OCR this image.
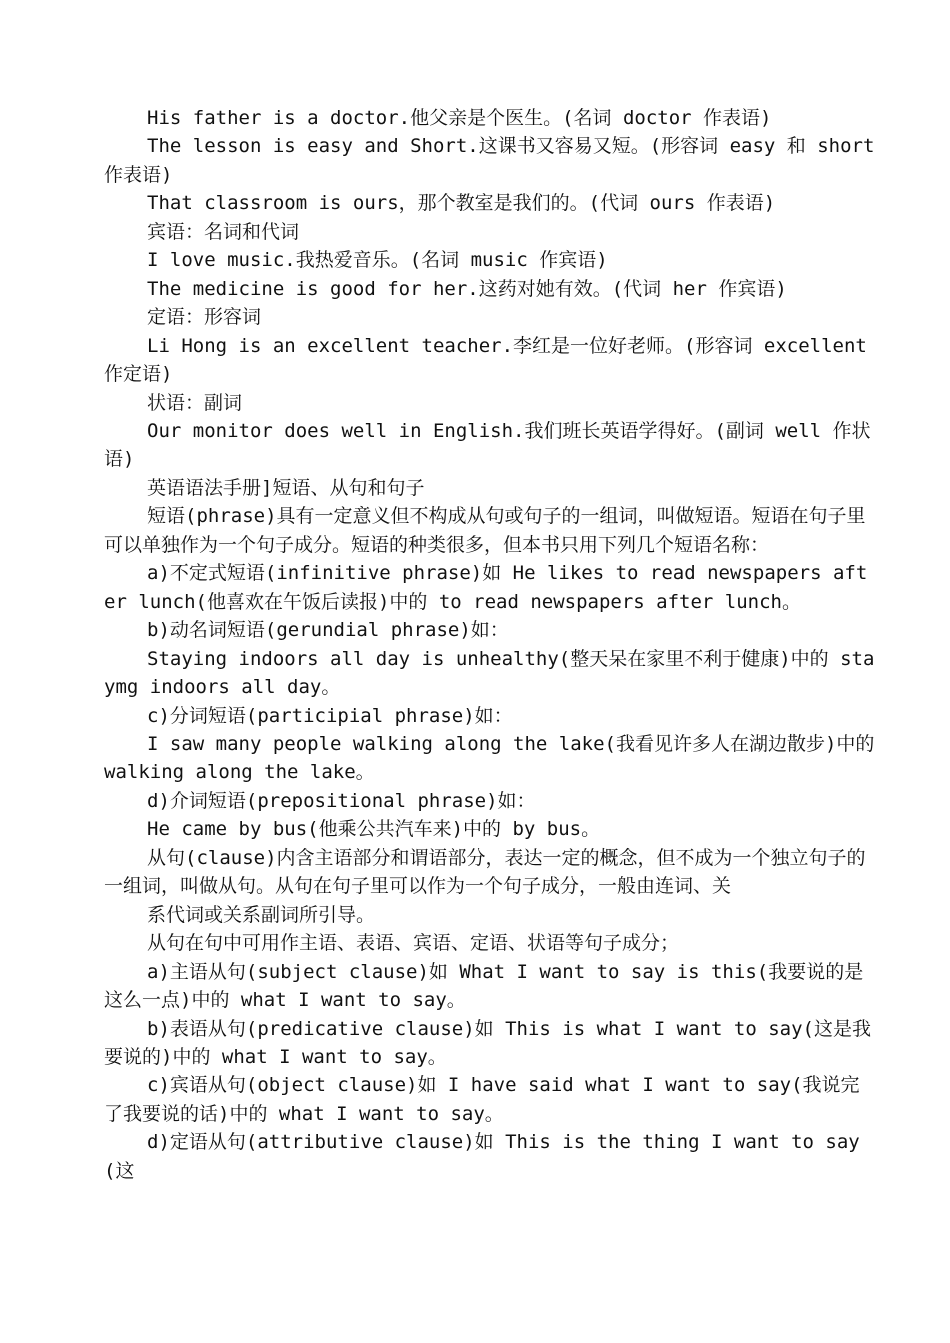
His father is a doctor.他父亲是个医生。(名词 doctor 作表语)

The lesson is easy and Short.这课书又容易又短。(形容词 easy 和 short 作表语)

That classroom is ours，那个教室是我们的。(代词 ours 作表语)

宾语：名词和代词

I love music.我热爱音乐。(名词 music 作宾语)

The medicine is good for her.这药对她有效。(代词 her 作宾语)

定语：形容词

Li Hong is an excellent teacher.李红是一位好老师。(形容词 excellent 作定语)

状语：副词

Our monitor does well in English.我们班长英语学得好。(副词 well 作状语)

英语语法手册]短语、从句和句子

短语(phrase)具有一定意义但不构成从句或句子的一组词，叫做短语。短语在句子里可以单独作为一个句子成分。短语的种类很多，但本书只用下列几个短语名称：

a)不定式短语(infinitive phrase)如 He likes to read newspapers after lunch(他喜欢在午饭后读报)中的 to read newspapers after lunch。

b)动名词短语(gerundial phrase)如：

Staying indoors all day is unhealthy(整天呆在家里不利于健康)中的 staymg indoors all day。

c)分词短语(participial phrase)如：

I saw many people walking along the lake(我看见许多人在湖边散步)中的 walking along the lake。

d)介词短语(prepositional phrase)如：

He came by bus(他乘公共汽车来)中的 by bus。

从句(clause)内含主语部分和谓语部分，表达一定的概念，但不成为一个独立句子的一组词，叫做从句。从句在句子里可以作为一个句子成分，一般由连词、关

系代词或关系副词所引导。

从句在句中可用作主语、表语、宾语、定语、状语等句子成分；

a)主语从句(subject clause)如 What I want to say is this(我要说的是这么一点)中的 what I want to say。

b)表语从句(predicative clause)如 This is what I want to say(这是我要说的)中的 what I want to say。

c)宾语从句(object clause)如 I have said what I want to say(我说完了我要说的话)中的 what I want to say。

d)定语从句(attributive clause)如 This is the thing I want to say(这
